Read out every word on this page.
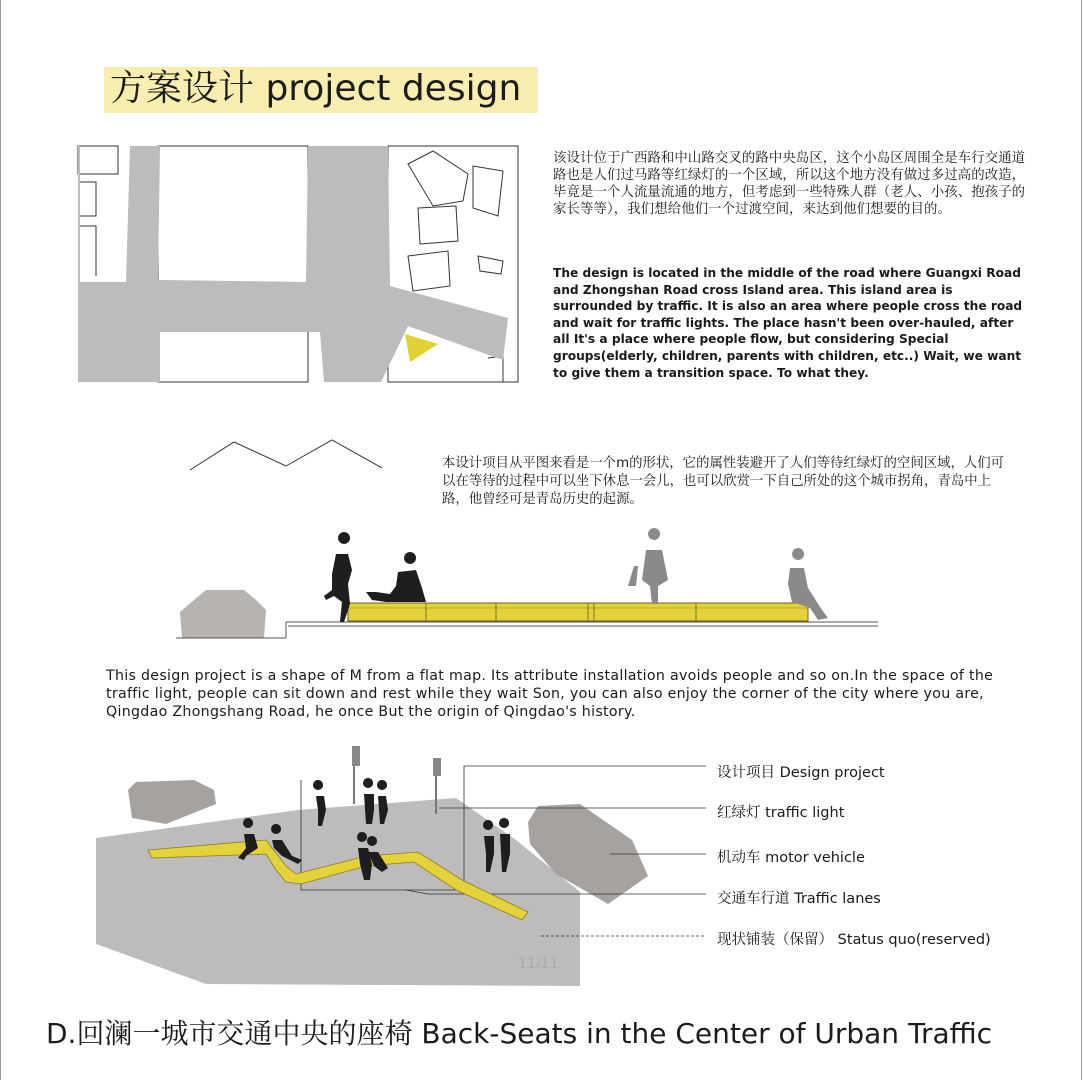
方案设计 project design

该设计位于广西路和中山路交叉的路中央岛区，这个小岛区周围全是车行交通道路也是人们过马路等红绿灯的一个区域，所以这个地方没有做过多过高的改造，毕竟是一个人流量流通的地方，但考虑到一些特殊人群（老人、小孩、抱孩子的家长等等），我们想给他们一个过渡空间，来达到他们想要的目的。

The design is located in the middle of the road where Guangxi Road and Zhongshan Road cross Island area. This island area is surrounded by traffic. It is also an area where people cross the road and wait for traffic lights. The place hasn't been over-hauled, after all It's a place where people flow, but considering Special groups(elderly, children, parents with children, etc..) Wait, we want to give them a transition space. To what they.

本设计项目从平图来看是一个m的形状，它的属性装避开了人们等待红绿灯的空间区域，人们可以在等待的过程中可以坐下休息一会儿，也可以欣赏一下自己所处的这个城市拐角，青岛中上路，他曾经可是青岛历史的起源。

This design project is a shape of M from a flat map. Its attribute installation avoids people and so on.In the space of the traffic light, people can sit down and rest while they wait Son, you can also enjoy the corner of the city where you are, Qingdao Zhongshang Road, he once But the origin of Qingdao's history.

设计项目 Design project
红绿灯 traffic light
机动车 motor vehicle
交通车行道 Traffic lanes
现状铺装（保留） Status quo(reserved)
11/11
D.回澜一城市交通中央的座椅 Back-Seats in the Center of Urban Traffic
